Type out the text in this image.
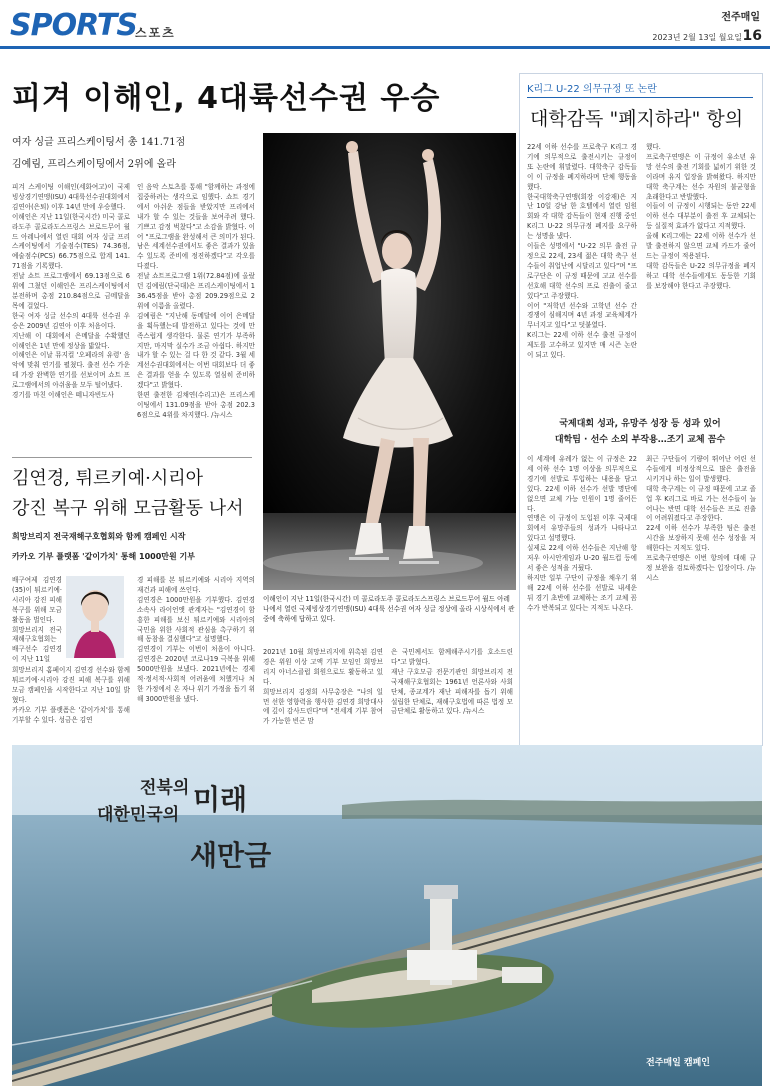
SPORTS
스포츠
전주매일
2023년 2월 13일 월요일 16
피겨 이해인, 4대륙선수권 우승
여자 싱글 프리스케이팅서 총 141.71점
김예림, 프리스케이팅에서 2위에 올라
피겨 스케이팅 이해인(세화여고)이 국제빙상경기연맹(ISU) 4대륙선수권대회에서 김연아(은퇴) 이후 14년 만에 우승했다.
이해인은 지난 11일(한국시간) 미국 콜로라도주 콜로라도스프링스 브로드무어 월드 아레나에서 열린 대회 여자 싱글 프리스케이팅에서 기술점수(TES) 74.36점, 예술점수(PCS) 66.75점으로 합계 141.71점을 기록했다.
전날 쇼트 프로그램에서 69.13점으로 6위에 그쳤던 이해인은 프리스케이팅에서 분전하며 총점 210.84점으로 금메달을 목에 걸었다.
한국 여자 싱글 선수의 4대륙 선수권 우승은 2009년 김연아 이후 처음이다.
지난해 이 대회에서 은메달을 수확했던 이해인은 1년 만에 정상을 밟았다.
이해인은 이날 뮤지컬 '오페라의 유령' 음악에 맞춰 연기를 펼쳤다. 출전 선수 가운데 가장 완벽한 연기를 선보이며 쇼트 프로그램에서의 아쉬움을 모두 털어냈다.
경기를 마친 이해인은 떼니자빈도사
인 음악 스토츠를 통해 "함께하는 과정에 집중하려는 생각으로 임했다. 쇼트 경기에서 아쉬운 점들을 받았지만 프리에서 내가 할 수 있는 것들을 보여주려 했다. 기쁘고 감정 벅찼다"고 소감을 밝혔다. 이어 "프로그램을 완성해서 큰 의미가 된다. 남은 세계선수권에서도 좋은 결과가 있을 수 있도록 준비에 정진하겠다"고 각오를 다졌다.
전날 쇼트프로그램 1위(72.84점)에 올랐던 김예림(단국대)은 프리스케이팅에서 136.45점을 받아 총점 209.29점으로 2위에 이름을 올렸다.
김예림은 "지난해 동메달에 이어 은메달을 획득했는데 발전하고 있다는 것에 만족스럽게 생각한다. 물론 연기가 부족하지만, 마지막 실수가 조금 아쉽다. 하지만 내가 할 수 있는 걸 다 한 것 같다. 3월 세계선수권대회에서는 이번 대회보다 더 좋은 결과를 얻을 수 있도록 열심히 준비하겠다"고 밝혔다.
한편 출전한 김채연(수리고)은 프리스케이팅에서 131.09점을 받아 총점 202.36점으로 4위를 차지했다. /뉴시스
이해인이 지난 11일(한국시간) 미 콜로라도주 콜로라도스프링스 브로드무어 월드 아레나에서 열린 국제빙상경기연맹(ISU) 4대륙 선수권 여자 싱글 정상에 올라 시상식에서 관중에 축하에 답하고 있다.
K리그 U-22 의무규정 또 논란
대학감독 "폐지하라" 항의
22세 이하 선수를 프로축구 K리그 경기에 의무적으로 출전시키는 규정이 또 논란에 휘말렸다. 대학축구 감독들이 이 규정을 폐지하라며 단체 행동을 했다.
한국대학축구연맹(회장 이강재)은 지난 10일 강남 한 호텔에서 열린 임원회와 각 대학 감독들이 현재 진행 중인 K리그 U-22 의무규정 폐지를 요구하는 성명을 냈다.
이들은 성명에서 "U-22 의무 출전 규정으로 22세, 23세 젊은 대학 축구 선수들이 취업난에 시달리고 있다"며 "프로구단은 이 규정 때문에 고교 선수를 선호해 대학 선수의 프로 진출이 줄고 있다"고 주장했다.
이어 "저학년 선수와 고학년 선수 간 경쟁이 심해지며 4년 과정 교육체계가 무너지고 있다"고 덧붙였다.
K리그는 22세 이하 선수 출전 규정이 제도를 고수하고 있지만 매 시즌 논란이 되고 있다.
했다.
프로축구연맹은 이 규정이 유소년 유망 선수의 출전 기회를 넓히기 위한 것이라며 유지 입장을 밝혀왔다. 하지만 대학 축구계는 선수 자원의 불균형을 초래한다고 반발했다.
이들이 이 규정이 시행되는 동안 22세 이하 선수 대부분이 출전 후 교체되는 등 실질적 효과가 없다고 지적했다.
올해 K리그에는 22세 이하 선수가 선발 출전하지 않으면 교체 카드가 줄어드는 규정이 적용된다.
대학 감독들은 U-22 의무규정을 폐지하고 대학 선수들에게도 동등한 기회를 보장해야 한다고 주장했다.
국제대회 성과, 유망주 성장 등 성과 있어
대학팀 · 선수 소외 부작용…조기 교체 꼼수
이 세계에 유례가 없는 이 규정은 22세 이하 선수 1명 이상을 의무적으로 경기에 선발로 투입하는 내용을 담고 있다. 22세 이하 선수가 선발 명단에 없으면 교체 가능 인원이 1명 줄어든다.
연맹은 이 규정이 도입된 이후 국제대회에서 유망주들의 성과가 나타나고 있다고 설명했다.
실제로 22세 이하 선수들은 지난해 항저우 아시안게임과 U-20 월드컵 등에서 좋은 성적을 거뒀다.
하지만 일부 구단이 규정을 채우기 위해 22세 이하 선수를 선발로 내세운 뒤 경기 초반에 교체하는 조기 교체 꼼수가 반복되고 있다는 지적도 나온다.
최근 구단들이 기량이 뛰어난 어린 선수들에게 비정상적으로 많은 출전을 시키거나 하는 일이 발생했다.
대학 축구계는 이 규정 때문에 고교 졸업 후 K리그로 바로 가는 선수들이 늘어나는 반면 대학 선수들은 프로 진출이 어려워졌다고 주장한다.
22세 이하 선수가 부족한 팀은 출전 시간을 보장하지 못해 선수 성장을 저해한다는 지적도 있다.
프로축구연맹은 이번 항의에 대해 규정 보완을 검토하겠다는 입장이다. /뉴시스
김연경, 튀르키예·시리아
강진 복구 위해 모금활동 나서
희망브리지 전국재해구호협회와 함께 캠페인 시작
카카오 기부 플랫폼 '같이가치' 통해 1000만원 기부
배구여제 김연경(35)이 튀르키예·시리아 강진 피해 복구를 위해 모금 활동을 벌인다.
희망브리지 전국재해구호협회는 배구선수 김연경이 지난 11일
희망브리지 홈페이지 김연경 선수와 함께 튀르키예·시리아 강진 피해 복구를 위해 모금 캠페인을 시작한다고 지난 10일 밝혔다.
카카오 기부 플랫폼은 '같이가치'를 통해 기부할 수 있다. 성금은 김연
경 피해를 본 튀르키예와 시리아 지역의 재건과 피해에 쓰인다.
김연경은 1000만원을 기부했다. 김연경 소속사 라이언앳 관계자는 "김연경이 함흥한 피해를 보신 튀르키예와 시리아의 국민을 위한 사회적 관심을 촉구하기 위해 동참을 결심했다"고 설명했다.
김연경이 기부는 이번이 처음이 아니다. 김연경은 2020년 코로나19 극복을 위해 5000만원을 보냈다. 2021년에는 경제적·정서적·사회적 어려움에 처했거나 처한 가정에서 온 자나 위기 가정을 돕기 위해 3000만원을 냈다.
2021년 10월 희망브리지에 위촉된 김연경은 위원 이상 고액 기부 모임인 희망브리지 아너스클럽 회원으로도 활동하고 있다.
희망브리지 김정희 사무총장은 "나의 일 먼 선한 영향력을 행사한 김연경 희망대사에 깊이 감사드린다"며 "전세계 기부 참여가 가능한 빈곤 맘
은 국민께서도 함께해주시기를 호소드린다"고 밝혔다.
재난 구호모금 전문기관인 희망브리지 전국재해구호협회는 1961년 언론사와 사회단체, 종교계가 재난 피해자를 돕기 위해 설립한 단체로, 재해구호법에 따른 법정 모금단체로 활동하고 있다. /뉴시스
전북의
대한민국의 미래
새만금
전주매일 캠페인
